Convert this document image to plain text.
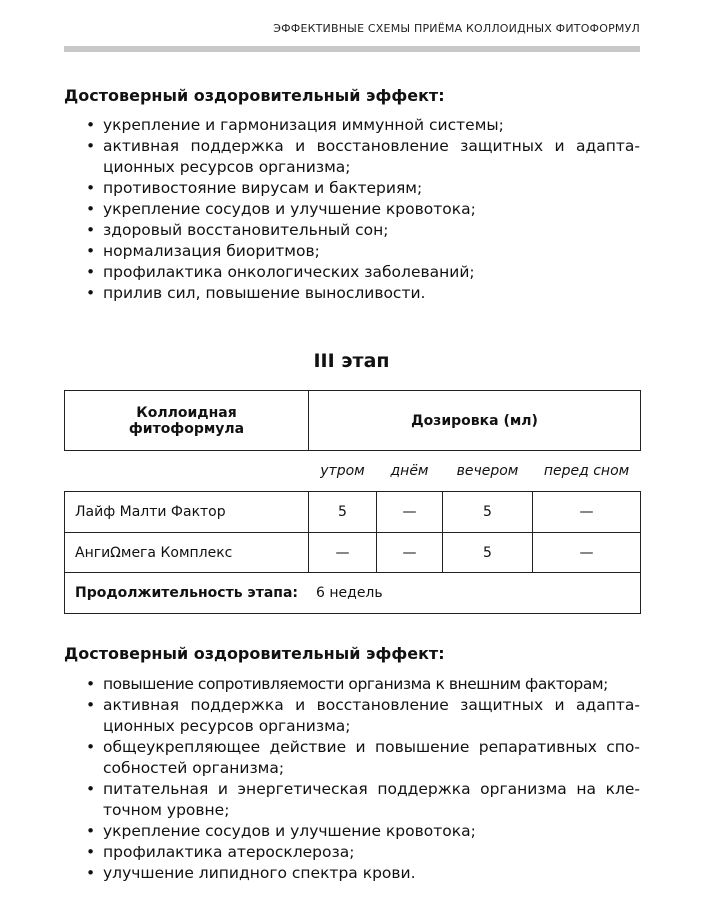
ЭФФЕКТИВНЫЕ СХЕМЫ ПРИЁМА КОЛЛОИДНЫХ ФИТОФОРМУЛ
Достоверный оздоровительный эффект:
• укрепление и гармонизация иммунной системы;
• активная поддержка и восстановление защитных и адаптационных ресурсов организма;
• противостояние вирусам и бактериям;
• укрепление сосудов и улучшение кровотока;
• здоровый восстановительный сон;
• нормализация биоритмов;
• профилактика онкологических заболеваний;
• прилив сил, повышение выносливости.
III этап
Коллоидная фитоформула	Дозировка (мл)			
	утром	днём	вечером	перед сном
Лайф Малти Фактор	5	—	5	—
АнгиΩмега Комплекс	—	—	5	—
Продолжительность этапа: 6 недель				
Достоверный оздоровительный эффект:
• повышение сопротивляемости организма к внешним факторам;
• активная поддержка и восстановление защитных и адаптационных ресурсов организма;
• общеукрепляющее действие и повышение репаративных способностей организма;
• питательная и энергетическая поддержка организма на клеточном уровне;
• укрепление сосудов и улучшение кровотока;
• профилактика атеросклероза;
• улучшение липидного спектра крови.
